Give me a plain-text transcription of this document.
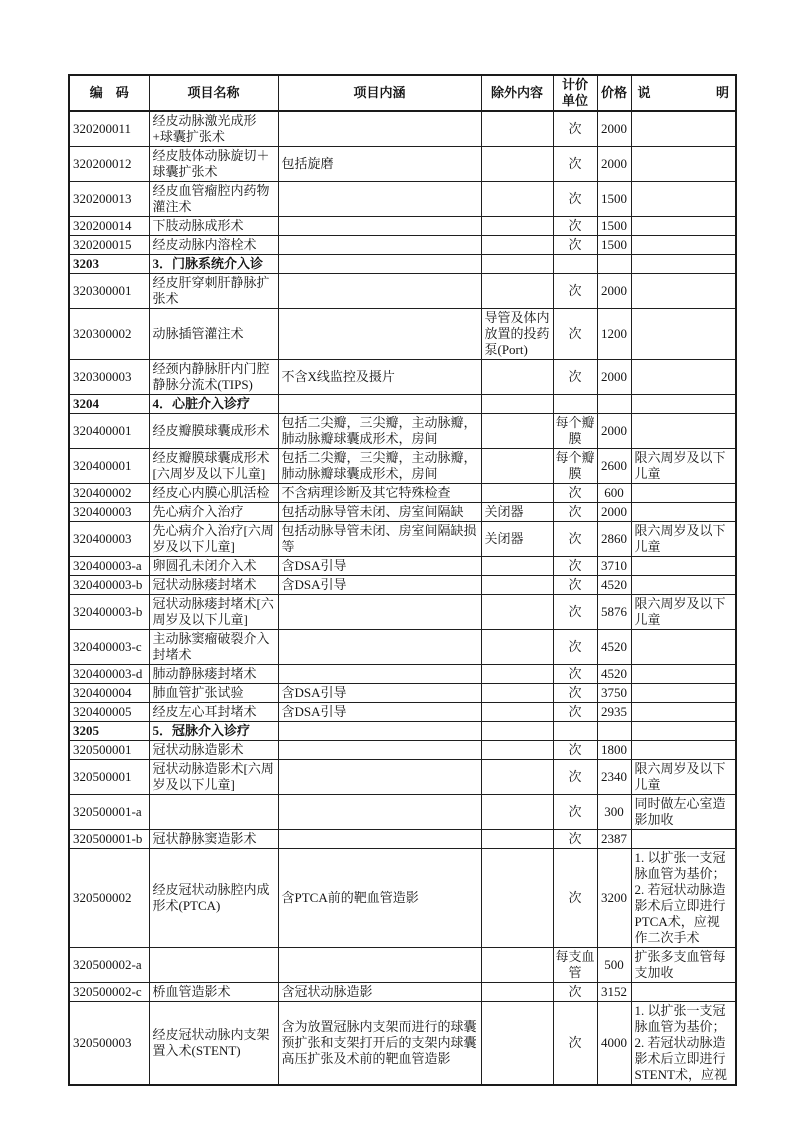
编　码	项目名称	项目内涵	除外内容	计价单位	价格	说明
320200011	经皮动脉激光成形+球囊扩张术			次	2000	
320200012	经皮肢体动脉旋切＋球囊扩张术	包括旋磨		次	2000	
320200013	经皮血管瘤腔内药物灌注术			次	1500	
320200014	下肢动脉成形术			次	1500	
320200015	经皮动脉内溶栓术			次	1500	
3203	3．门脉系统介入诊					
320300001	经皮肝穿刺肝静脉扩张术			次	2000	
320300002	动脉插管灌注术		导管及体内放置的投药泵(Port)	次	1200	
320300003	经颈内静脉肝内门腔静脉分流术(TIPS)	不含X线监控及摄片		次	2000	
3204	4．心脏介入诊疗					
320400001	经皮瓣膜球囊成形术	包括二尖瓣，三尖瓣，主动脉瓣，肺动脉瓣球囊成形术，房间		每个瓣膜	2000	
320400001	经皮瓣膜球囊成形术[六周岁及以下儿童]	包括二尖瓣，三尖瓣，主动脉瓣，肺动脉瓣球囊成形术，房间		每个瓣膜	2600	限六周岁及以下儿童
320400002	经皮心内膜心肌活检	不含病理诊断及其它特殊检查		次	600	
320400003	先心病介入治疗	包括动脉导管未闭、房室间隔缺	关闭器	次	2000	
320400003	先心病介入治疗[六周岁及以下儿童]	包括动脉导管未闭、房室间隔缺损等	关闭器	次	2860	限六周岁及以下儿童
320400003-a	卵圆孔未闭介入术	含DSA引导		次	3710	
320400003-b	冠状动脉瘘封堵术	含DSA引导		次	4520	
320400003-b	冠状动脉瘘封堵术[六周岁及以下儿童]			次	5876	限六周岁及以下儿童
320400003-c	主动脉窦瘤破裂介入封堵术			次	4520	
320400003-d	肺动静脉瘘封堵术			次	4520	
320400004	肺血管扩张试验	含DSA引导		次	3750	
320400005	经皮左心耳封堵术	含DSA引导		次	2935	
3205	5．冠脉介入诊疗					
320500001	冠状动脉造影术			次	1800	
320500001	冠状动脉造影术[六周岁及以下儿童]			次	2340	限六周岁及以下儿童
320500001-a				次	300	同时做左心室造影加收
320500001-b	冠状静脉窦造影术			次	2387	
320500002	经皮冠状动脉腔内成形术(PTCA)	含PTCA前的靶血管造影		次	3200	1. 以扩张一支冠脉血管为基价；2. 若冠状动脉造影术后立即进行PTCA术，应视作二次手术
320500002-a				每支血管	500	扩张多支血管每支加收
320500002-c	桥血管造影术	含冠状动脉造影		次	3152	
320500003	经皮冠状动脉内支架置入术(STENT)	含为放置冠脉内支架而进行的球囊预扩张和支架打开后的支架内球囊高压扩张及术前的靶血管造影		次	4000	1. 以扩张一支冠脉血管为基价；2. 若冠状动脉造影术后立即进行STENT术，应视
